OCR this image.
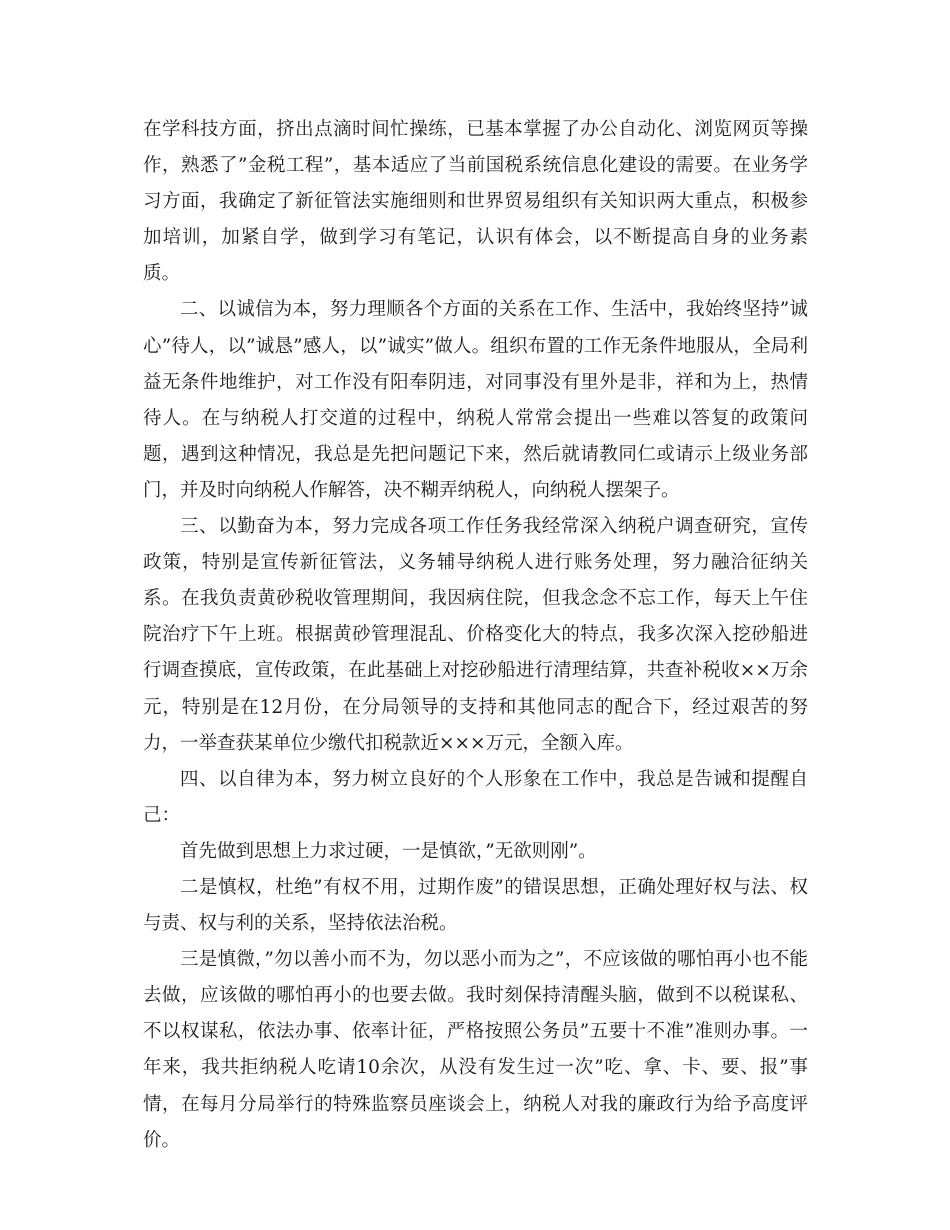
在学科技方面，挤出点滴时间忙操练，已基本掌握了办公自动化、浏览网页等操作，熟悉了”金税工程”，基本适应了当前国税系统信息化建设的需要。在业务学习方面，我确定了新征管法实施细则和世界贸易组织有关知识两大重点，积极参加培训，加紧自学，做到学习有笔记，认识有体会，以不断提高自身的业务素质。

二、以诚信为本，努力理顺各个方面的关系在工作、生活中，我始终坚持”诚心”待人，以”诚恳”感人，以”诚实”做人。组织布置的工作无条件地服从，全局利益无条件地维护，对工作没有阳奉阴违，对同事没有里外是非，祥和为上，热情待人。在与纳税人打交道的过程中，纳税人常常会提出一些难以答复的政策问题，遇到这种情况，我总是先把问题记下来，然后就请教同仁或请示上级业务部门，并及时向纳税人作解答，决不糊弄纳税人，向纳税人摆架子。

三、以勤奋为本，努力完成各项工作任务我经常深入纳税户调查研究，宣传政策，特别是宣传新征管法，义务辅导纳税人进行账务处理，努力融洽征纳关系。在我负责黄砂税收管理期间，我因病住院，但我念念不忘工作，每天上午住院治疗下午上班。根据黄砂管理混乱、价格变化大的特点，我多次深入挖砂船进行调查摸底，宣传政策，在此基础上对挖砂船进行清理结算，共查补税收××万余元，特别是在12月份，在分局领导的支持和其他同志的配合下，经过艰苦的努力，一举查获某单位少缴代扣税款近×××万元，全额入库。

四、以自律为本，努力树立良好的个人形象在工作中，我总是告诫和提醒自己：

首先做到思想上力求过硬，一是慎欲，”无欲则刚”。

二是慎权，杜绝”有权不用，过期作废”的错误思想，正确处理好权与法、权与责、权与利的关系，坚持依法治税。

三是慎微，”勿以善小而不为，勿以恶小而为之”，不应该做的哪怕再小也不能去做，应该做的哪怕再小的也要去做。我时刻保持清醒头脑，做到不以税谋私、不以权谋私，依法办事、依率计征，严格按照公务员”五要十不准”准则办事。一年来，我共拒纳税人吃请10余次，从没有发生过一次”吃、拿、卡、要、报”事情，在每月分局举行的特殊监察员座谈会上，纳税人对我的廉政行为给予高度评价。
